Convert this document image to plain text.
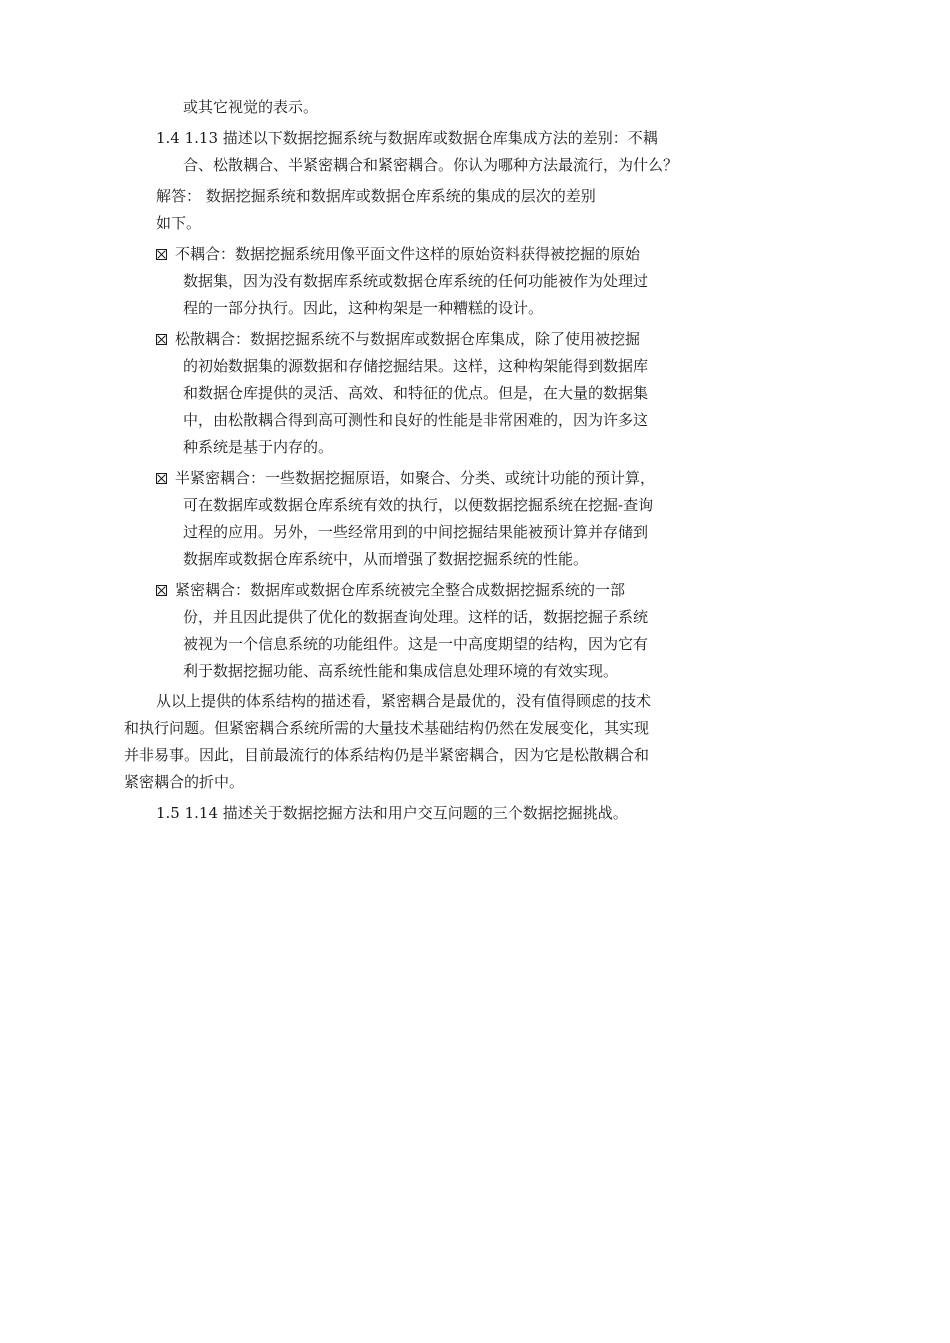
或其它视觉的表示。
1.4 1.13 描述以下数据挖掘系统与数据库或数据仓库集成方法的差别：不耦
合、松散耦合、半紧密耦合和紧密耦合。你认为哪种方法最流行，为什么？
解答： 数据挖掘系统和数据库或数据仓库系统的集成的层次的差别
如下。
不耦合：数据挖掘系统用像平面文件这样的原始资料获得被挖掘的原始
数据集，因为没有数据库系统或数据仓库系统的任何功能被作为处理过
程的一部分执行。因此，这种构架是一种糟糕的设计。
松散耦合：数据挖掘系统不与数据库或数据仓库集成，除了使用被挖掘
的初始数据集的源数据和存储挖掘结果。这样，这种构架能得到数据库
和数据仓库提供的灵活、高效、和特征的优点。但是，在大量的数据集
中，由松散耦合得到高可测性和良好的性能是非常困难的，因为许多这
种系统是基于内存的。
半紧密耦合：一些数据挖掘原语，如聚合、分类、或统计功能的预计算，
可在数据库或数据仓库系统有效的执行，以便数据挖掘系统在挖掘-查询
过程的应用。另外，一些经常用到的中间挖掘结果能被预计算并存储到
数据库或数据仓库系统中，从而增强了数据挖掘系统的性能。
紧密耦合：数据库或数据仓库系统被完全整合成数据挖掘系统的一部
份，并且因此提供了优化的数据查询处理。这样的话，数据挖掘子系统
被视为一个信息系统的功能组件。这是一中高度期望的结构，因为它有
利于数据挖掘功能、高系统性能和集成信息处理环境的有效实现。
从以上提供的体系结构的描述看，紧密耦合是最优的，没有值得顾虑的技术
和执行问题。但紧密耦合系统所需的大量技术基础结构仍然在发展变化，其实现
并非易事。因此，目前最流行的体系结构仍是半紧密耦合，因为它是松散耦合和
紧密耦合的折中。
1.5 1.14 描述关于数据挖掘方法和用户交互问题的三个数据挖掘挑战。
